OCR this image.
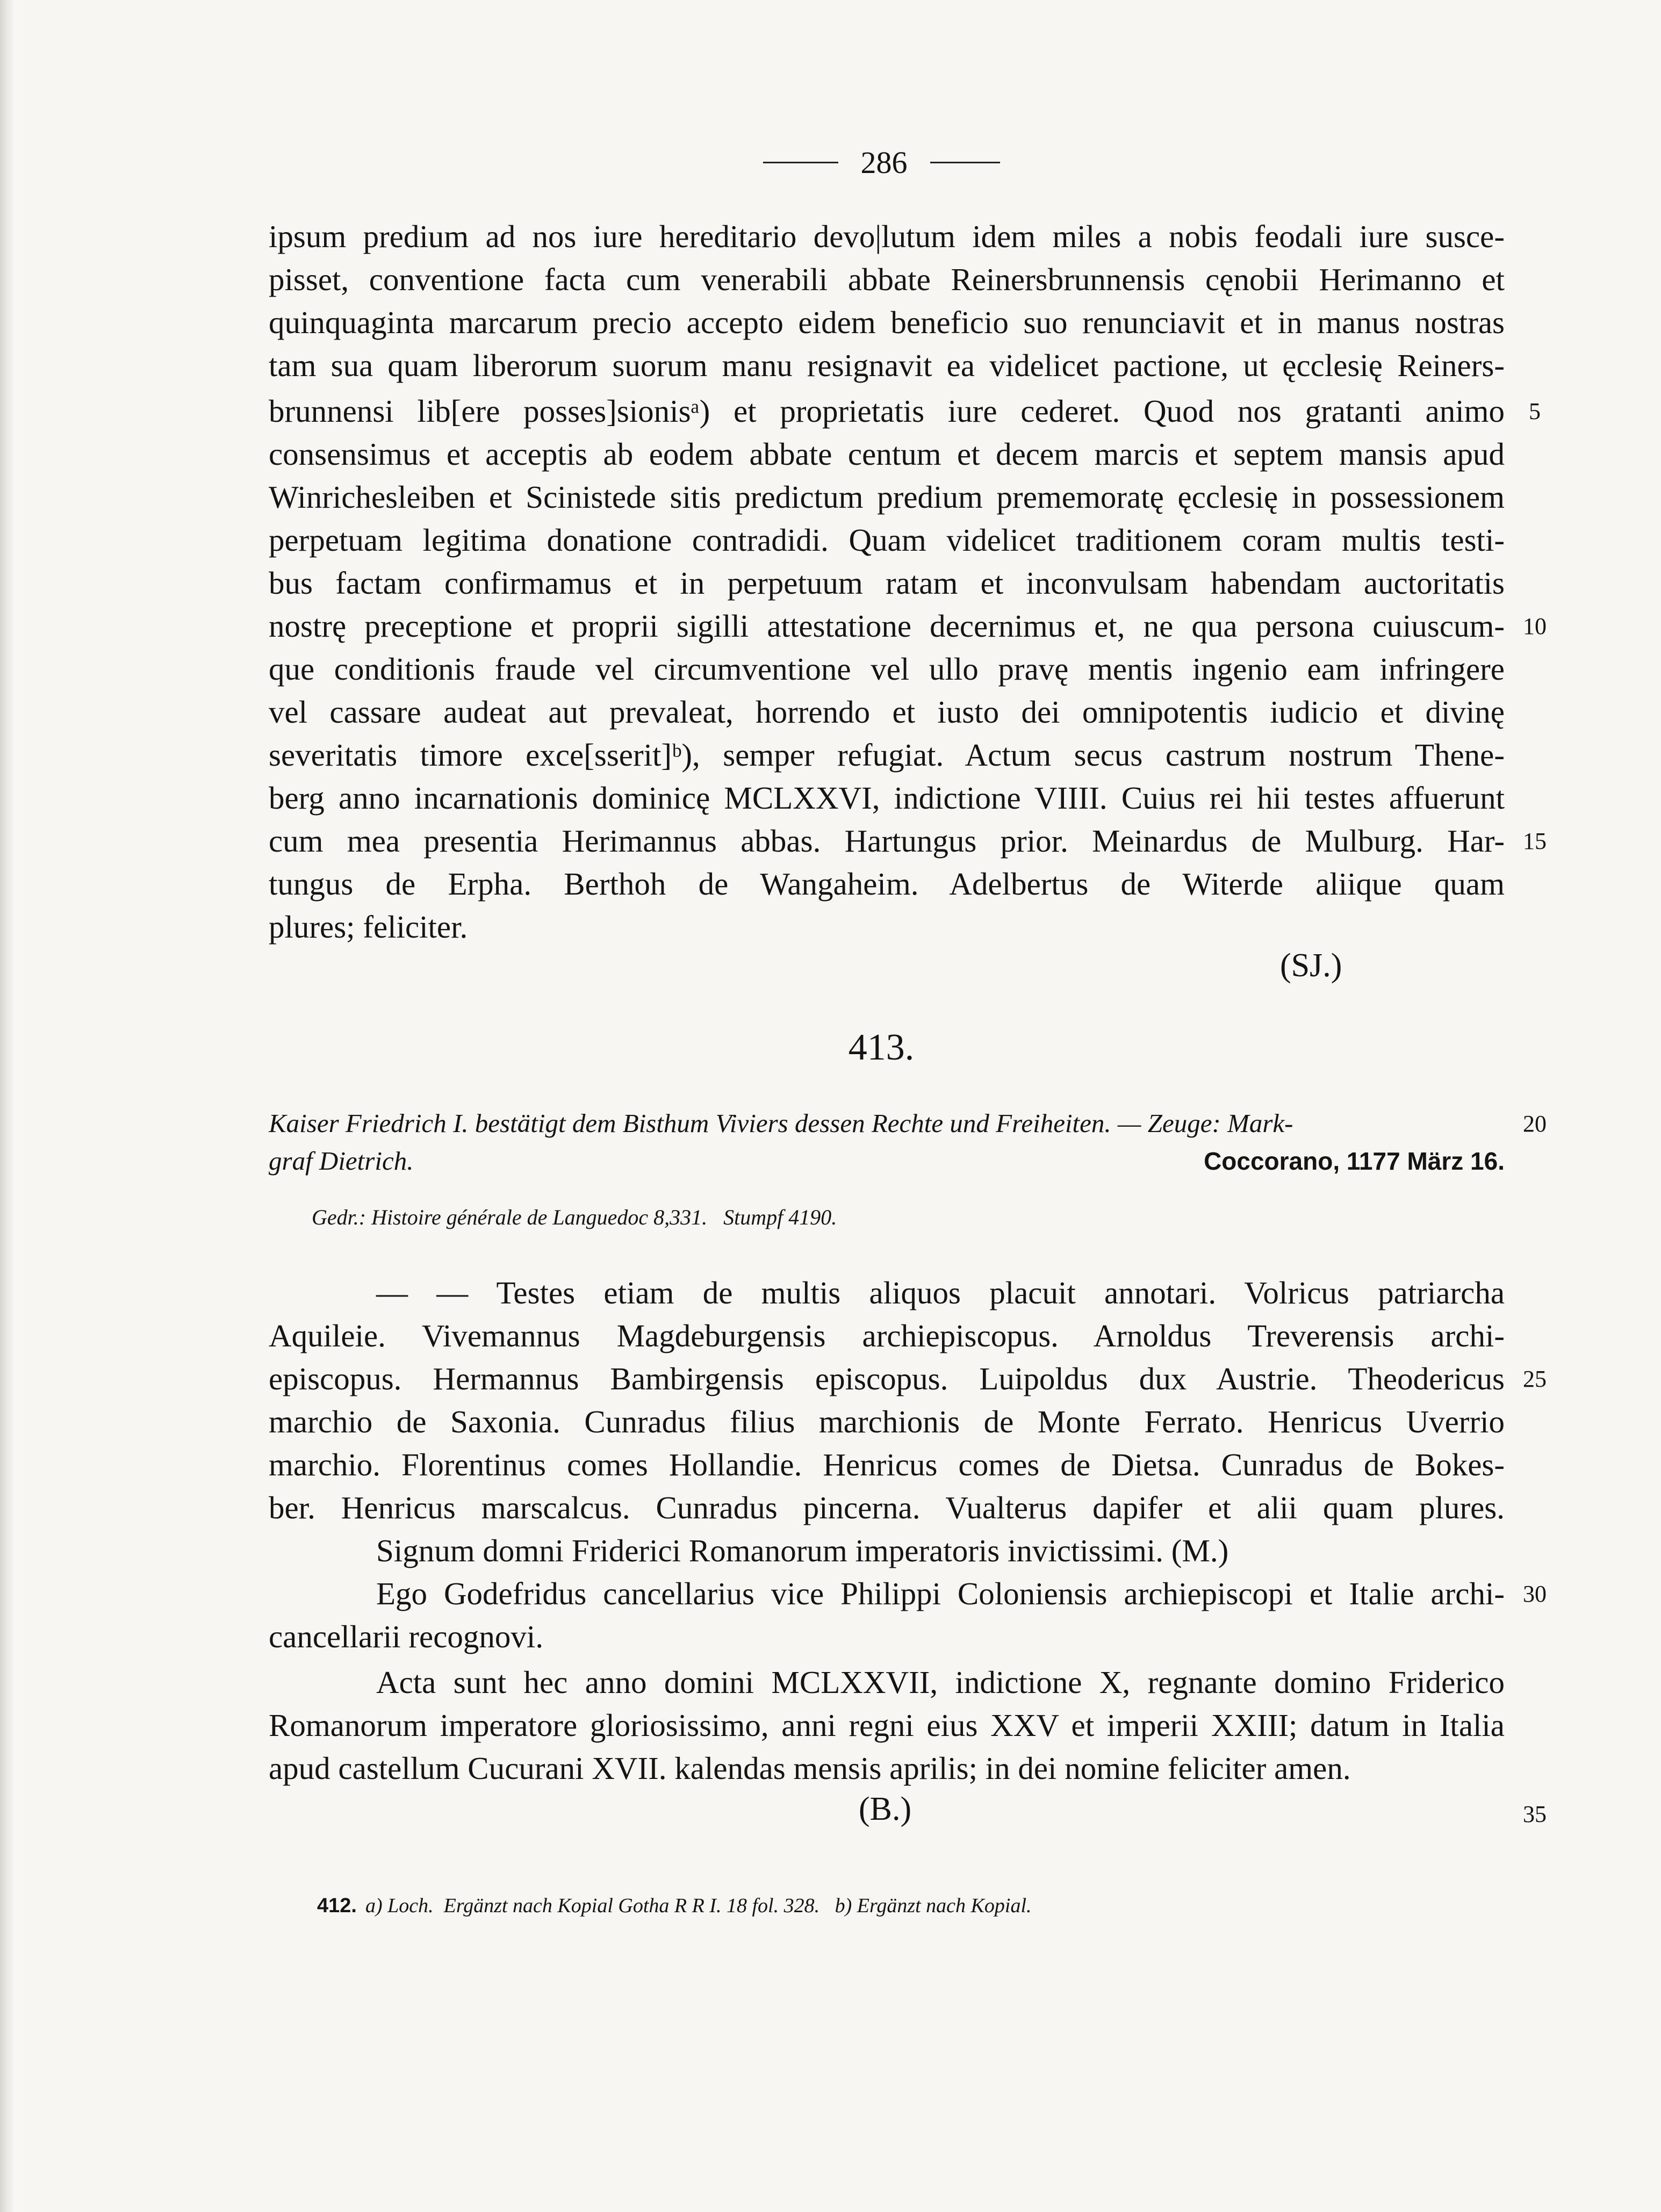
286
ipsum predium ad nos iure hereditario devo|lutum idem miles a nobis feodali iure susce-
pisset, conventione facta cum venerabili abbate Reinersbrunnensis cęnobii Herimanno et
quinquaginta marcarum precio accepto eidem beneficio suo renunciavit et in manus nostras
tam sua quam liberorum suorum manu resignavit ea videlicet pactione, ut ęcclesię Reiners-
brunnensi lib[ere posses]sionisᵃ) et proprietatis iure cederet. Quod nos gratanti animo	5
consensimus et acceptis ab eodem abbate centum et decem marcis et septem mansis apud
Winrichesleiben et Scinistede sitis predictum predium prememoratę ęcclesię in possessionem
perpetuam legitima donatione contradidi. Quam videlicet traditionem coram multis testi-
bus factam confirmamus et in perpetuum ratam et inconvulsam habendam auctoritatis
nostrę preceptione et proprii sigilli attestatione decernimus et, ne qua persona cuiuscum- 10
que conditionis fraude vel circumventione vel ullo pravę mentis ingenio eam infringere
vel cassare audeat aut prevaleat, horrendo et iusto dei omnipotentis iudicio et divinę
severitatis timore exce[sserit]ᵇ), semper refugiat. Actum secus castrum nostrum Thene-
berg anno incarnationis dominicę MCLXXVI, indictione VIIII. Cuius rei hii testes affuerunt
cum mea presentia Herimannus abbas. Hartungus prior. Meinardus de Mulburg. Har- 15
tungus de Erpha. Berthoh de Wangaheim. Adelbertus de Witerde aliique quam
plures; feliciter.
(SJ.)
413.
Kaiser Friedrich I. bestätigt dem Bisthum Viviers dessen Rechte und Freiheiten. — Zeuge: Mark-	20
graf Dietrich.	Coccorano, 1177 März 16.
Gedr.: Histoire générale de Languedoc 8,331.   Stumpf 4190.
— — Testes etiam de multis aliquos placuit annotari. Volricus patriarcha
Aquileie. Vivemannus Magdeburgensis archiepiscopus. Arnoldus Treverensis archi-
episcopus. Hermannus Bambirgensis episcopus. Luipoldus dux Austrie. Theodericus 25
marchio de Saxonia. Cunradus filius marchionis de Monte Ferrato. Henricus Uverrio
marchio. Florentinus comes Hollandie. Henricus comes de Dietsa. Cunradus de Bokes-
ber. Henricus marscalcus. Cunradus pincerna. Vualterus dapifer et alii quam plures.
Signum domni Friderici Romanorum imperatoris invictissimi. (M.)
Ego Godefridus cancellarius vice Philippi Coloniensis archiepiscopi et Italie archi- 30
cancellarii recognovi.
Acta sunt hec anno domini MCLXXVII, indictione X, regnante domino Friderico
Romanorum imperatore gloriosissimo, anni regni eius XXV et imperii XXIII; datum in Italia
apud castellum Cucurani XVII. kalendas mensis aprilis; in dei nomine feliciter amen.
(B.)	35
412. a) Loch.  Ergänzt nach Kopial Gotha R R I. 18 fol. 328.   b) Ergänzt nach Kopial.
